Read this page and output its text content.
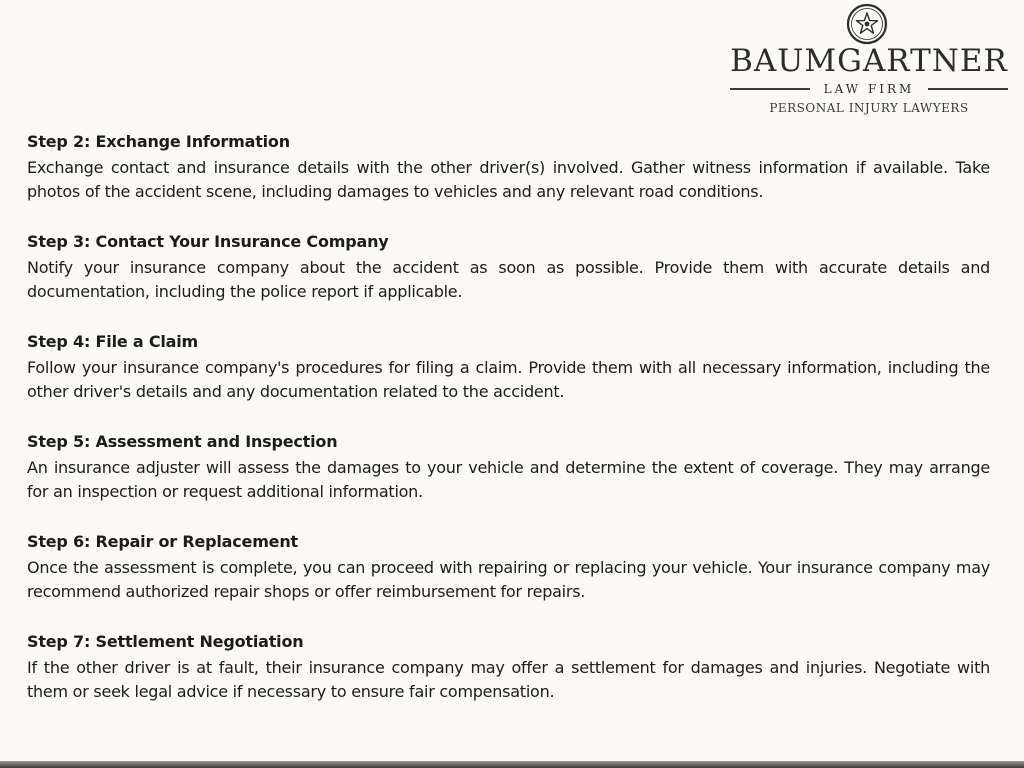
BAUMGARTNER
LAW FIRM
PERSONAL INJURY LAWYERS

Step 2: Exchange Information

Exchange contact and insurance details with the other driver(s) involved. Gather witness information if available. Take photos of the accident scene, including damages to vehicles and any relevant road conditions.

Step 3: Contact Your Insurance Company

Notify your insurance company about the accident as soon as possible. Provide them with accurate details and documentation, including the police report if applicable.

Step 4: File a Claim

Follow your insurance company's procedures for filing a claim. Provide them with all necessary information, including the other driver's details and any documentation related to the accident.

Step 5: Assessment and Inspection

An insurance adjuster will assess the damages to your vehicle and determine the extent of coverage. They may arrange for an inspection or request additional information.

Step 6: Repair or Replacement

Once the assessment is complete, you can proceed with repairing or replacing your vehicle. Your insurance company may recommend authorized repair shops or offer reimbursement for repairs.

Step 7: Settlement Negotiation

If the other driver is at fault, their insurance company may offer a settlement for damages and injuries. Negotiate with them or seek legal advice if necessary to ensure fair compensation.
